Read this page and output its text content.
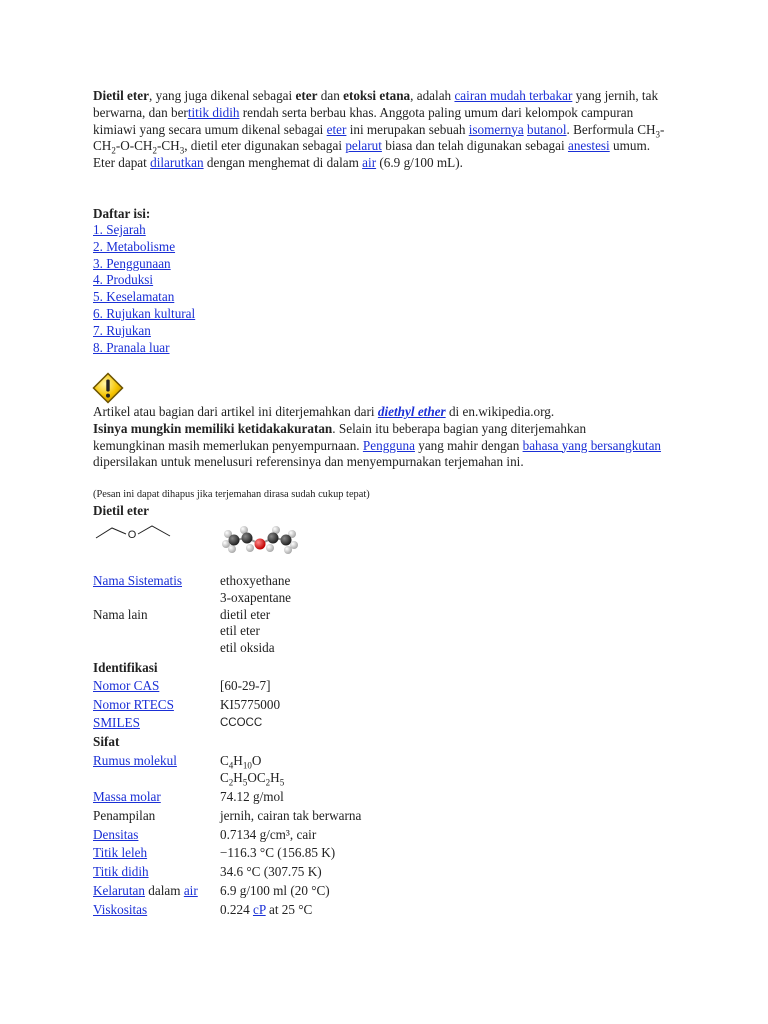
Dietil eter, yang juga dikenal sebagai eter dan etoksi etana, adalah cairan mudah terbakar yang jernih, tak berwarna, dan bertitik didih rendah serta berbau khas. Anggota paling umum dari kelompok campuran kimiawi yang secara umum dikenal sebagai eter ini merupakan sebuah isomernya butanol. Berformula $CH_3-CH_2-O-CH_2-CH_3$, dietil eter digunakan sebagai pelarut biasa dan telah digunakan sebagai anestesi umum. Eter dapat dilarutkan dengan menghemat di dalam air (6.9 g/100 mL).
Daftar isi:
1. Sejarah
2. Metabolisme
3. Penggunaan
4. Produksi
5. Keselamatan
6. Rujukan kultural
7. Rujukan
8. Pranala luar
Artikel atau bagian dari artikel ini diterjemahkan dari diethyl ether di en.wikipedia.org.
Isinya mungkin memiliki ketidakakuratan. Selain itu beberapa bagian yang diterjemahkan kemungkinan masih memerlukan penyempurnaan. Pengguna yang mahir dengan bahasa yang bersangkutan dipersilakan untuk menelusuri referensinya dan menyempurnakan terjemahan ini.
(Pesan ini dapat dihapus jika terjemahan dirasa sudah cukup tepat)
Dietil eter
O
Nama Sistematis	ethoxyethane
3-oxapentane
Nama lain	dietil eter
etil eter
etil oksida
Identifikasi
Nomor CAS	[60-29-7]
Nomor RTECS	KI5775000
SMILES	CCOCC
Sifat
Rumus molekul	$C_4H_{10}O$
$C_2H_5OC_2H_5$
Massa molar	74.12 g/mol
Penampilan	jernih, cairan tak berwarna
Densitas	0.7134 g/cm³, cair
Titik leleh	−116.3 °C (156.85 K)
Titik didih	34.6 °C (307.75 K)
Kelarutan dalam air	6.9 g/100 ml (20 °C)
Viskositas	0.224 cP at 25 °C
